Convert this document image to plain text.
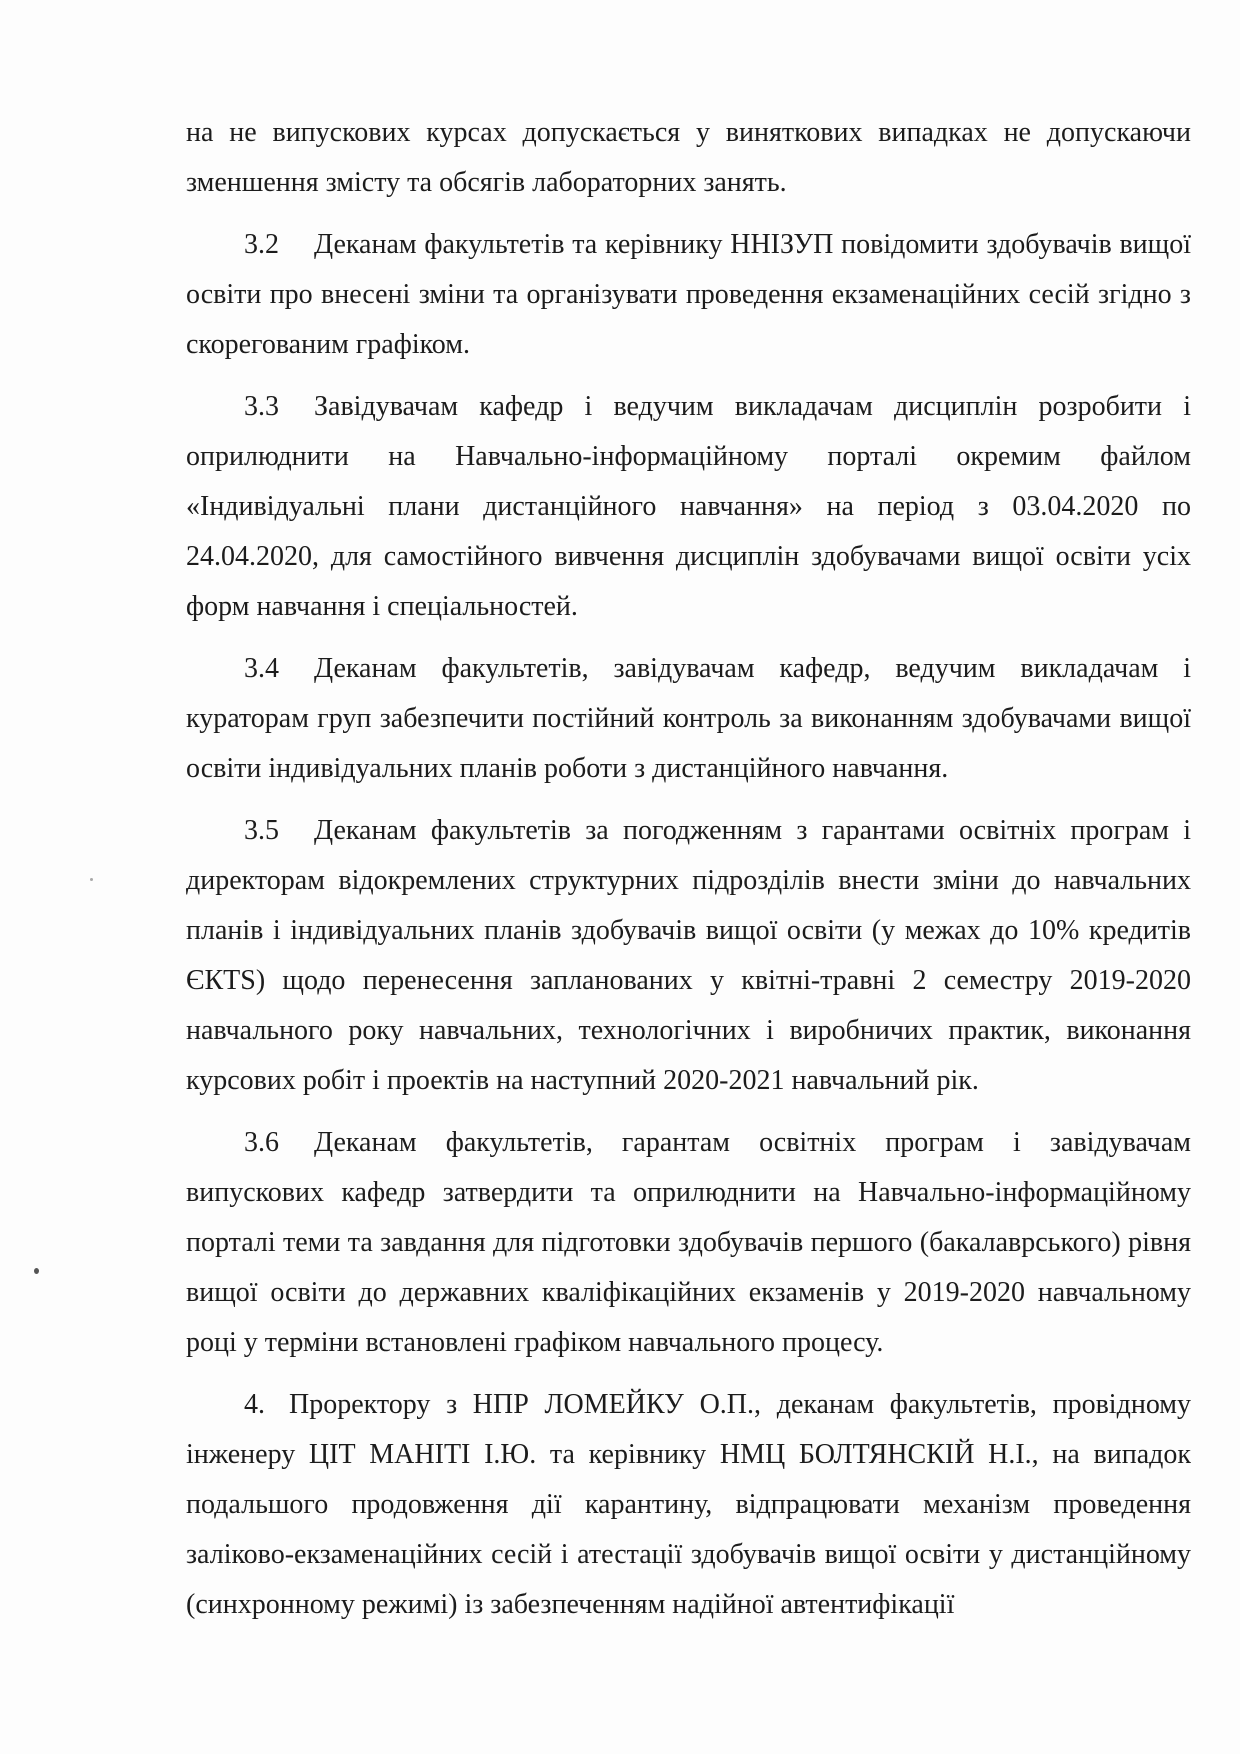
на не випускових курсах допускається у виняткових випадках не допускаючи зменшення змісту та обсягів лабораторних занять.

3.2 Деканам факультетів та керівнику ННІЗУП повідомити здобувачів вищої освіти про внесені зміни та організувати проведення екзаменаційних сесій згідно з скорегованим графіком.

3.3 Завідувачам кафедр і ведучим викладачам дисциплін розробити і оприлюднити на Навчально-інформаційному порталі окремим файлом «Індивідуальні плани дистанційного навчання» на період з 03.04.2020 по 24.04.2020, для самостійного вивчення дисциплін здобувачами вищої освіти усіх форм навчання і спеціальностей.

3.4 Деканам факультетів, завідувачам кафедр, ведучим викладачам і кураторам груп забезпечити постійний контроль за виконанням здобувачами вищої освіти індивідуальних планів роботи з дистанційного навчання.

3.5 Деканам факультетів за погодженням з гарантами освітніх програм і директорам відокремлених структурних підрозділів внести зміни до навчальних планів і індивідуальних планів здобувачів вищої освіти (у межах до 10% кредитів ЄКТS) щодо перенесення запланованих у квітні-травні 2 семестру 2019-2020 навчального року навчальних, технологічних і виробничих практик, виконання курсових робіт і проектів на наступний 2020-2021 навчальний рік.

3.6 Деканам факультетів, гарантам освітніх програм і завідувачам випускових кафедр затвердити та оприлюднити на Навчально-інформаційному порталі теми та завдання для підготовки здобувачів першого (бакалаврського) рівня вищої освіти до державних кваліфікаційних екзаменів у 2019-2020 навчальному році у терміни встановлені графіком навчального процесу.

4. Проректору з НПР ЛОМЕЙКУ О.П., деканам факультетів, провідному інженеру ЦІТ МАНІТІ І.Ю. та керівнику НМЦ БОЛТЯНСКІЙ Н.І., на випадок подальшого продовження дії карантину, відпрацювати механізм проведення заліково-екзаменаційних сесій і атестації здобувачів вищої освіти у дистанційному (синхронному режимі) із забезпеченням надійної автентифікації
